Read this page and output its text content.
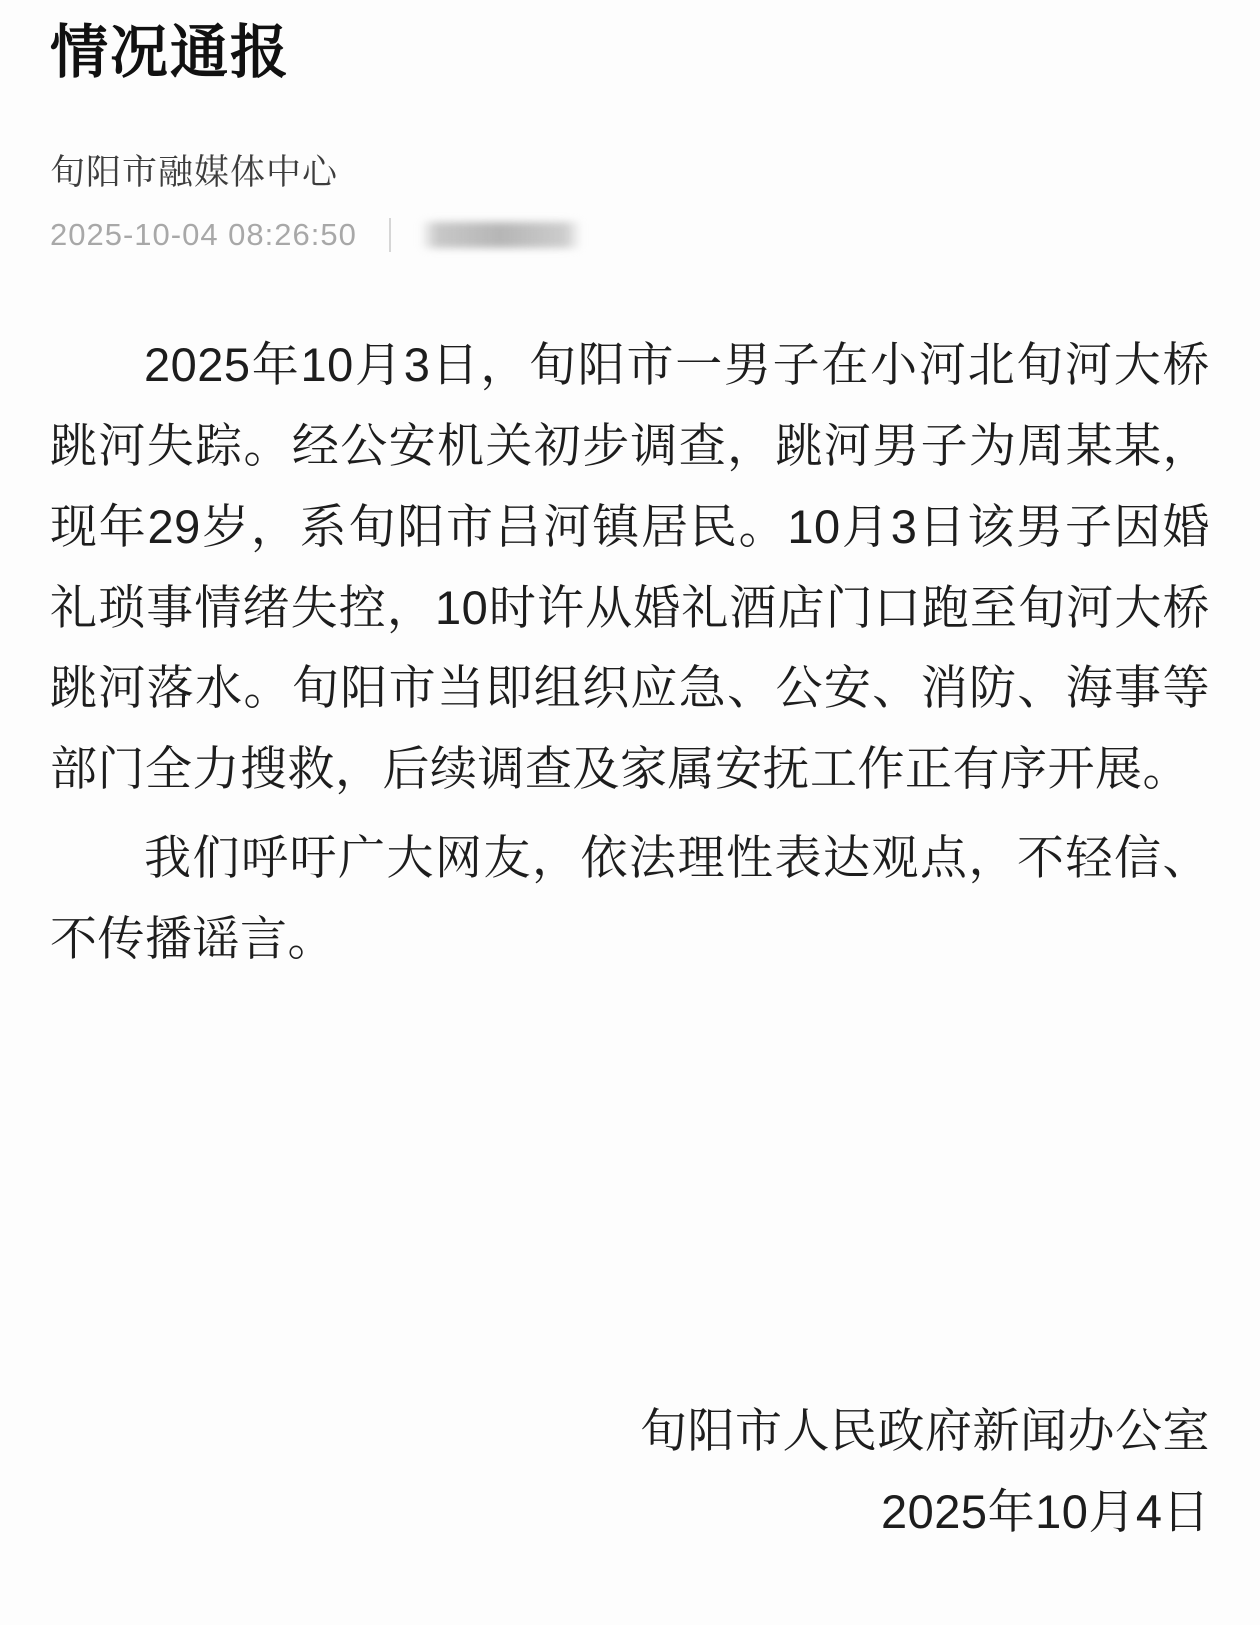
情况通报
旬阳市融媒体中心
2025-10-04 08:26:50

2025年10月3日，旬阳市一男子在小河北旬河大桥跳河失踪。经公安机关初步调查，跳河男子为周某某，现年29岁，系旬阳市吕河镇居民。10月3日该男子因婚礼琐事情绪失控，10时许从婚礼酒店门口跑至旬河大桥跳河落水。旬阳市当即组织应急、公安、消防、海事等部门全力搜救，后续调查及家属安抚工作正有序开展。

我们呼吁广大网友，依法理性表达观点，不轻信、不传播谣言。

旬阳市人民政府新闻办公室
2025年10月4日
